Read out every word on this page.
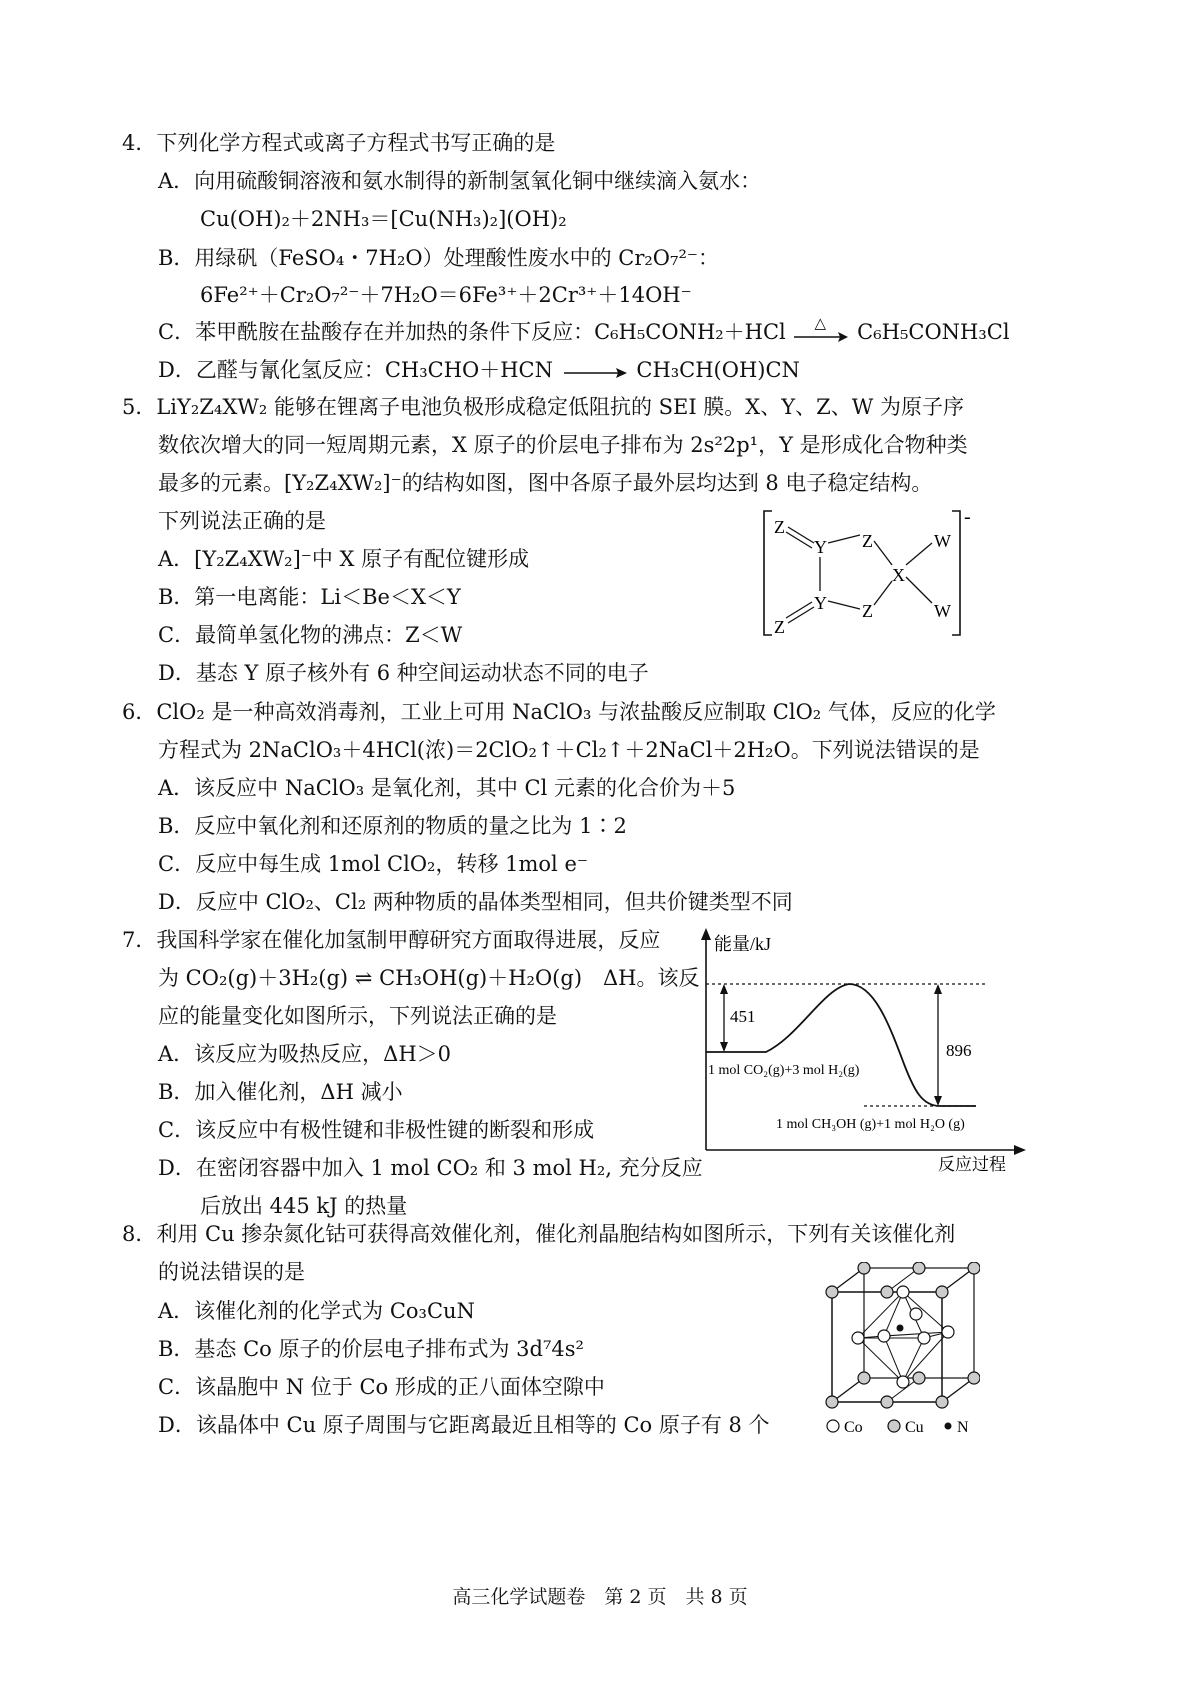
4．下列化学方程式或离子方程式书写正确的是
A．向用硫酸铜溶液和氨水制得的新制氢氧化铜中继续滴入氨水：
Cu(OH)₂＋2NH₃＝[Cu(NH₃)₂](OH)₂
B．用绿矾（FeSO₄・7H₂O）处理酸性废水中的 Cr₂O₇²⁻：
6Fe²⁺＋Cr₂O₇²⁻＋7H₂O＝6Fe³⁺＋2Cr³⁺＋14OH⁻
C．苯甲酰胺在盐酸存在并加热的条件下反应：C₆H₅CONH₂＋HCl △ C₆H₅CONH₃Cl
D．乙醛与氰化氢反应：CH₃CHO＋HCN	CH₃CH(OH)CN
5．LiY₂Z₄XW₂ 能够在锂离子电池负极形成稳定低阻抗的 SEI 膜。X、Y、Z、W 为原子序
数依次增大的同一短周期元素，X 原子的价层电子排布为 2s²2p¹，Y 是形成化合物种类
最多的元素。[Y₂Z₄XW₂]⁻的结构如图，图中各原子最外层均达到 8 电子稳定结构。
下列说法正确的是
A．[Y₂Z₄XW₂]⁻中 X 原子有配位键形成
B．第一电离能：Li＜Be＜X＜Y
C．最简单氢化物的沸点：Z＜W
D．基态 Y 原子核外有 6 种空间运动状态不同的电子
-
Z
Y Z
X
W
W
Y Z
Z
6．ClO₂ 是一种高效消毒剂，工业上可用 NaClO₃ 与浓盐酸反应制取 ClO₂ 气体，反应的化学
方程式为 2NaClO₃＋4HCl(浓)＝2ClO₂↑＋Cl₂↑＋2NaCl＋2H₂O。下列说法错误的是
A．该反应中 NaClO₃ 是氧化剂，其中 Cl 元素的化合价为＋5
B．反应中氧化剂和还原剂的物质的量之比为 1∶2
C．反应中每生成 1mol ClO₂，转移 1mol e⁻
D．反应中 ClO₂、Cl₂ 两种物质的晶体类型相同，但共价键类型不同
7．我国科学家在催化加氢制甲醇研究方面取得进展，反应
为 CO₂(g)＋3H₂(g) ⇌ CH₃OH(g)＋H₂O(g)　ΔH。该反
应的能量变化如图所示，下列说法正确的是
A．该反应为吸热反应，ΔH＞0
B．加入催化剂，ΔH 减小
C．该反应中有极性键和非极性键的断裂和形成
D．在密闭容器中加入 1 mol CO₂ 和 3 mol H₂, 充分反应
后放出 445 kJ 的热量
能量/kJ
反应过程
451
896
1 mol CO₂(g)+3 mol H₂(g)
1 mol CH₃OH (g)+1 mol H₂O (g)
8．利用 Cu 掺杂氮化钴可获得高效催化剂，催化剂晶胞结构如图所示，下列有关该催化剂
的说法错误的是
A．该催化剂的化学式为 Co₃CuN
B．基态 Co 原子的价层电子排布式为 3d⁷4s²
C．该晶胞中 N 位于 Co 形成的正八面体空隙中
D．该晶体中 Cu 原子周围与它距离最近且相等的 Co 原子有 8 个	Co	Cu N
高三化学试题卷　第 2 页　共 8 页
